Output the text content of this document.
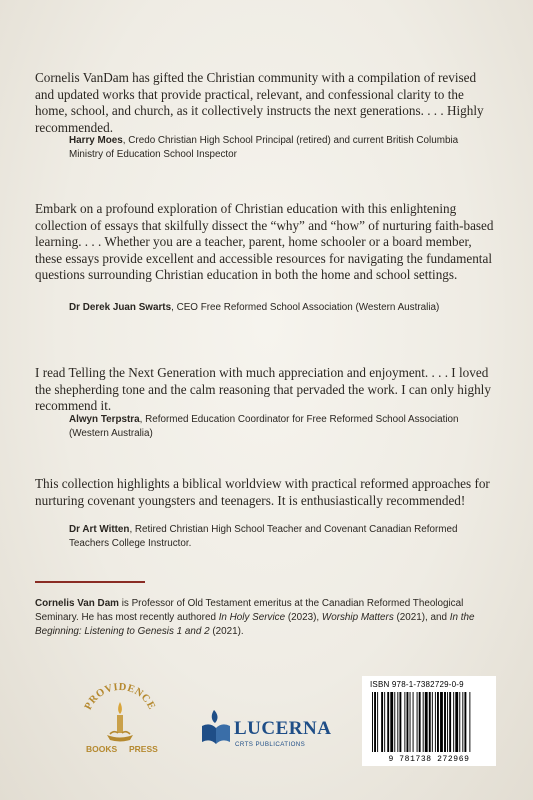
Cornelis VanDam has gifted the Christian community with a compilation of revised and updated works that provide practical, relevant, and confessional clarity to the home, school, and church, as it collectively instructs the next generations. . . . Highly recommended.
Harry Moes, Credo Christian High School Principal (retired) and current British Columbia Ministry of Education School Inspector
Embark on a profound exploration of Christian education with this enlightening collection of essays that skilfully dissect the “why” and “how” of nurturing faith-based learning. . . . Whether you are a teacher, parent, home schooler or a board member, these essays provide excellent and accessible resources for navigating the fundamental questions surrounding Christian education in both the home and school settings.
Dr Derek Juan Swarts, CEO Free Reformed School Association (Western Australia)
I read Telling the Next Generation with much appreciation and enjoyment. . . . I loved the shepherding tone and the calm reasoning that pervaded the work. I can only highly recommend it.
Alwyn Terpstra, Reformed Education Coordinator for Free Reformed School Association (Western Australia)
This collection highlights a biblical worldview with practical reformed approaches for nurturing covenant youngsters and teenagers. It is enthusiastically recommended!
Dr Art Witten, Retired Christian High School Teacher and Covenant Canadian Reformed Teachers College Instructor.
Cornelis Van Dam is Professor of Old Testament emeritus at the Canadian Reformed Theological Seminary. He has most recently authored In Holy Service (2023), Worship Matters (2021), and In the Beginning: Listening to Genesis 1 and 2 (2021).
PROVIDENCE
BOOKS PRESS
LUCERNA
CRTS PUBLICATIONS
ISBN 978-1-7382729-0-9
9 781738 272969
